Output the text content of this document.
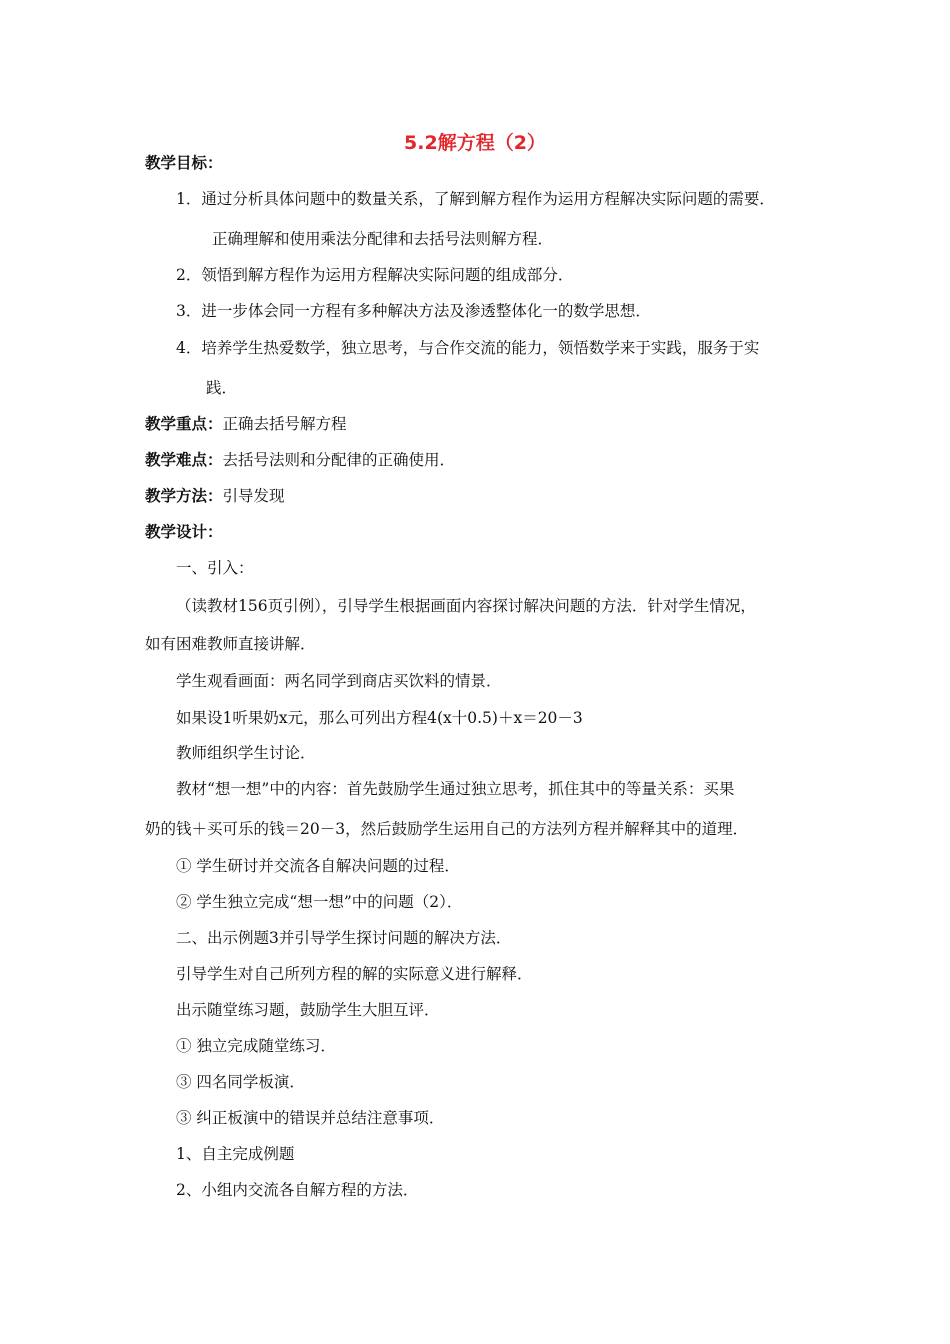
5.2解方程（2）
教学目标：
1．通过分析具体问题中的数量关系，了解到解方程作为运用方程解决实际问题的需要．
正确理解和使用乘法分配律和去括号法则解方程．
2．领悟到解方程作为运用方程解决实际问题的组成部分．
3．进一步体会同一方程有多种解决方法及渗透整体化一的数学思想．
4．培养学生热爱数学，独立思考，与合作交流的能力，领悟数学来于实践，服务于实
践．
教学重点：正确去括号解方程
教学难点：去括号法则和分配律的正确使用．
教学方法：引导发现
教学设计：
一、引入：
（读教材156页引例），引导学生根据画面内容探讨解决问题的方法．针对学生情况，
如有困难教师直接讲解．
学生观看画面：两名同学到商店买饮料的情景．
如果设1听果奶x元，那么可列出方程4(x十0.5)＋x＝20－3
教师组织学生讨论．
教材“想一想”中的内容：首先鼓励学生通过独立思考，抓住其中的等量关系：买果
奶的钱＋买可乐的钱＝20－3，然后鼓励学生运用自己的方法列方程并解释其中的道理．
① 学生研讨并交流各自解决问题的过程．
② 学生独立完成“想一想”中的问题（2）．
二、出示例题3并引导学生探讨问题的解决方法．
引导学生对自己所列方程的解的实际意义进行解释．
出示随堂练习题，鼓励学生大胆互评．
① 独立完成随堂练习．
③ 四名同学板演．
③ 纠正板演中的错误并总结注意事项．
1、自主完成例题
2、小组内交流各自解方程的方法．
